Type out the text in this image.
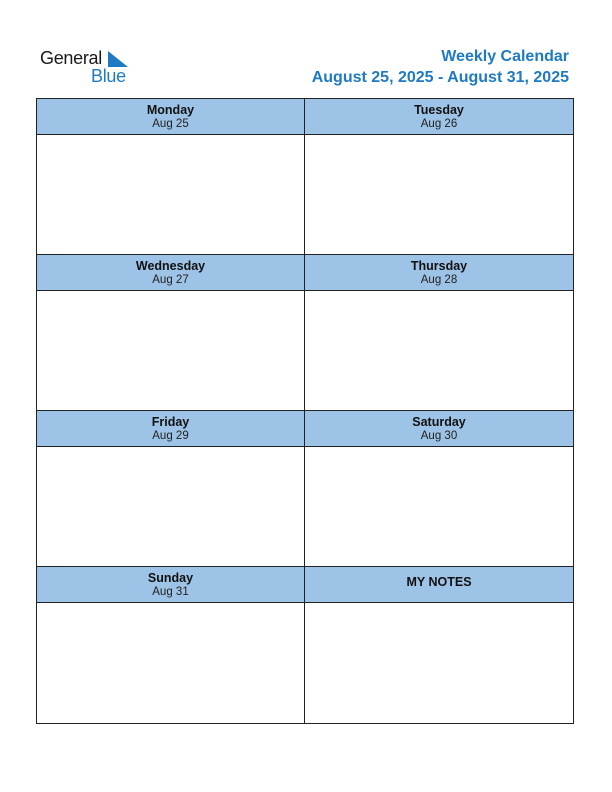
General
Blue
Weekly Calendar
August 25, 2025 - August 31, 2025
Monday
Aug 25
Tuesday
Aug 26
Wednesday
Aug 27
Thursday
Aug 28
Friday
Aug 29
Saturday
Aug 30
Sunday
Aug 31
MY NOTES
